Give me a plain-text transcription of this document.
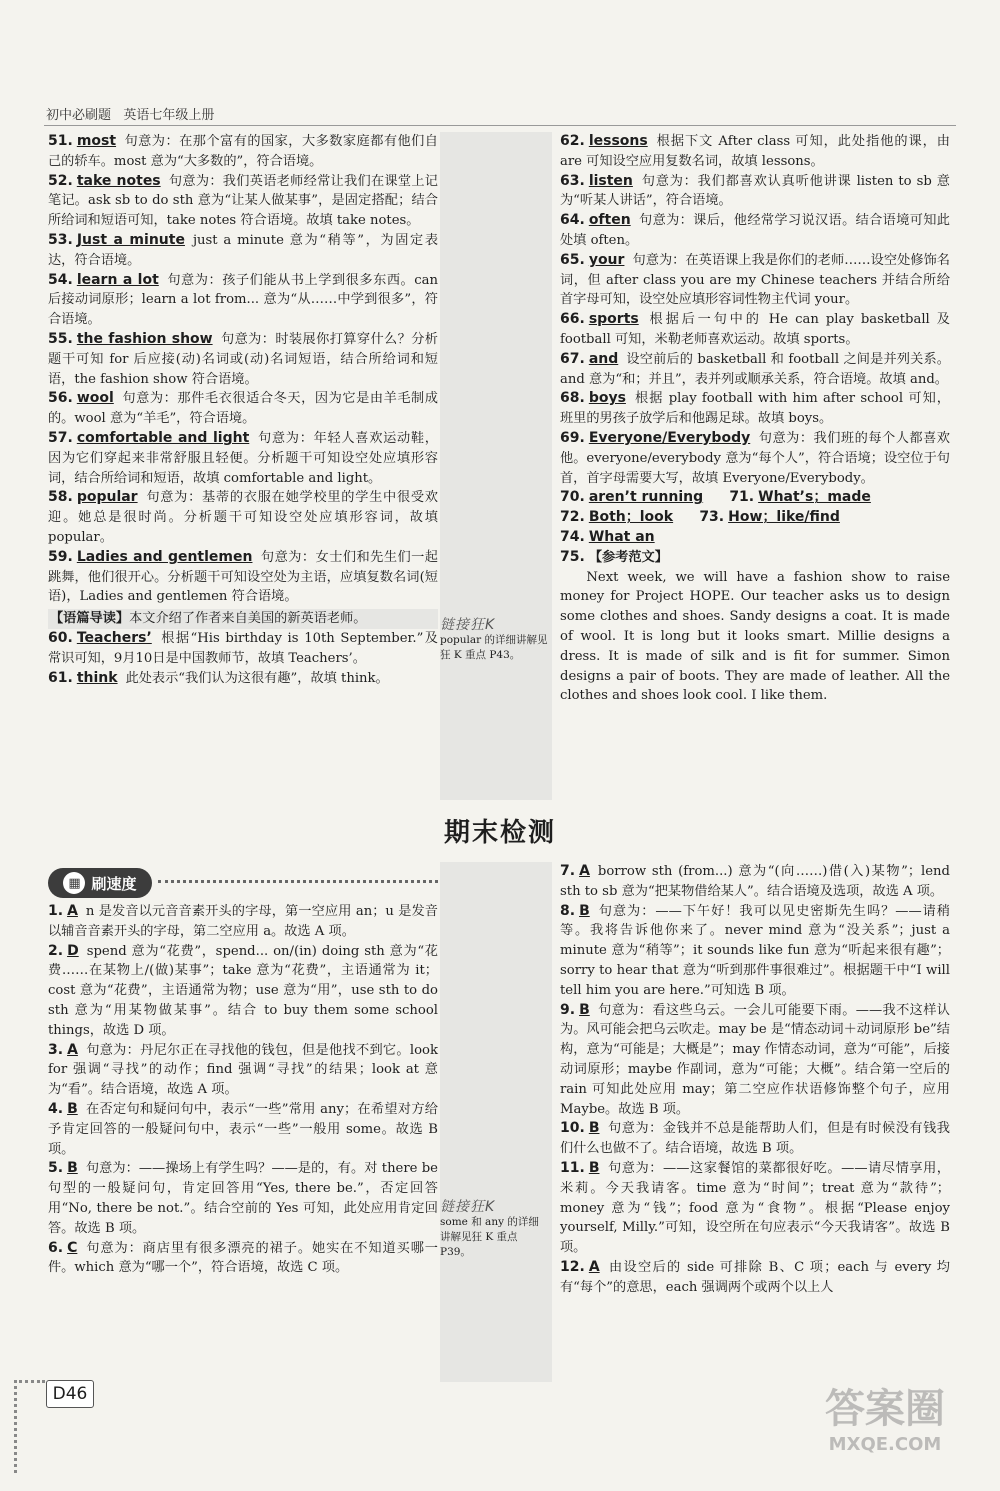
初中必刷题 英语七年级上册
链接狂K
popular 的详细讲解见狂 K 重点 P43。
链接狂K
some 和 any 的详细讲解见狂 K 重点 P39。
51. most 句意为：在那个富有的国家，大多数家庭都有他们自己的轿车。most 意为“大多数的”，符合语境。
52. take notes 句意为：我们英语老师经常让我们在课堂上记笔记。ask sb to do sth 意为“让某人做某事”，是固定搭配；结合所给词和短语可知，take notes 符合语境。故填 take notes。
53. Just a minute just a minute 意为“稍等”，为固定表达，符合语境。
54. learn a lot 句意为：孩子们能从书上学到很多东西。can 后接动词原形；learn a lot from... 意为“从……中学到很多”，符合语境。
55. the fashion show 句意为：时装展你打算穿什么？分析题干可知 for 后应接(动)名词或(动)名词短语，结合所给词和短语，the fashion show 符合语境。
56. wool 句意为：那件毛衣很适合冬天，因为它是由羊毛制成的。wool 意为“羊毛”，符合语境。
57. comfortable and light 句意为：年轻人喜欢运动鞋，因为它们穿起来非常舒服且轻便。分析题干可知设空处应填形容词，结合所给词和短语，故填 comfortable and light。
58. popular 句意为：基蒂的衣服在她学校里的学生中很受欢迎。她总是很时尚。分析题干可知设空处应填形容词，故填 popular。
59. Ladies and gentlemen 句意为：女士们和先生们一起跳舞，他们很开心。分析题干可知设空处为主语，应填复数名词(短语)，Ladies and gentlemen 符合语境。
【语篇导读】本文介绍了作者来自美国的新英语老师。
60. Teachers’ 根据“His birthday is 10th September.”及常识可知，9月10日是中国教师节，故填 Teachers’。
61. think 此处表示“我们认为这很有趣”，故填 think。
62. lessons 根据下文 After class 可知，此处指他的课，由 are 可知设空应用复数名词，故填 lessons。
63. listen 句意为：我们都喜欢认真听他讲课 listen to sb 意为“听某人讲话”，符合语境。
64. often 句意为：课后，他经常学习说汉语。结合语境可知此处填 often。
65. your 句意为：在英语课上我是你们的老师……设空处修饰名词，但 after class you are my Chinese teachers 并结合所给首字母可知，设空处应填形容词性物主代词 your。
66. sports 根据后一句中的 He can play basketball 及 football 可知，米勒老师喜欢运动。故填 sports。
67. and 设空前后的 basketball 和 football 之间是并列关系。and 意为“和；并且”，表并列或顺承关系，符合语境。故填 and。
68. boys 根据 play football with him after school 可知，班里的男孩子放学后和他踢足球。故填 boys。
69. Everyone/Everybody 句意为：我们班的每个人都喜欢他。everyone/everybody 意为“每个人”，符合语境；设空位于句首，首字母需要大写，故填 Everyone/Everybody。
70. aren’t running 71. What’s；made
72. Both；look 73. How；like/find
74. What an
75. 【参考范文】
Next week, we will have a fashion show to raise money for Project HOPE. Our teacher asks us to design some clothes and shoes. Sandy designs a coat. It is made of wool. It is long but it looks smart. Millie designs a dress. It is made of silk and is fit for summer. Simon designs a pair of boots. They are made of leather. All the clothes and shoes look cool. I like them.
期末检测
▦ 刷速度
1. A n 是发音以元音音素开头的字母，第一空应用 an；u 是发音以辅音音素开头的字母，第二空应用 a。故选 A 项。
2. D spend 意为“花费”，spend... on/(in) doing sth 意为“花费……在某物上/(做)某事”；take 意为“花费”，主语通常为 it；cost 意为“花费”，主语通常为物；use 意为“用”，use sth to do sth 意为“用某物做某事”。结合 to buy them some school things，故选 D 项。
3. A 句意为：丹尼尔正在寻找他的钱包，但是他找不到它。look for 强调“寻找”的动作；find 强调“寻找”的结果；look at 意为“看”。结合语境，故选 A 项。
4. B 在否定句和疑问句中，表示“一些”常用 any；在希望对方给予肯定回答的一般疑问句中，表示“一些”一般用 some。故选 B 项。
5. B 句意为：——操场上有学生吗？——是的，有。对 there be 句型的一般疑问句，肯定回答用“Yes, there be.”，否定回答用“No, there be not.”。结合空前的 Yes 可知，此处应用肯定回答。故选 B 项。
6. C 句意为：商店里有很多漂亮的裙子。她实在不知道买哪一件。which 意为“哪一个”，符合语境，故选 C 项。
7. A borrow sth (from...) 意为“(向……)借(入)某物”；lend sth to sb 意为“把某物借给某人”。结合语境及选项，故选 A 项。
8. B 句意为：——下午好！我可以见史密斯先生吗？——请稍等。我将告诉他你来了。never mind 意为“没关系”；just a minute 意为“稍等”；it sounds like fun 意为“听起来很有趣”；sorry to hear that 意为“听到那件事很难过”。根据题干中“I will tell him you are here.”可知选 B 项。
9. B 句意为：看这些乌云。一会儿可能要下雨。——我不这样认为。风可能会把乌云吹走。may be 是“情态动词＋动词原形 be”结构，意为“可能是；大概是”；may 作情态动词，意为“可能”，后接动词原形；maybe 作副词，意为“可能；大概”。结合第一空后的 rain 可知此处应用 may；第二空应作状语修饰整个句子，应用 Maybe。故选 B 项。
10. B 句意为：金钱并不总是能帮助人们，但是有时候没有钱我们什么也做不了。结合语境，故选 B 项。
11. B 句意为：——这家餐馆的菜都很好吃。——请尽情享用，米莉。今天我请客。time 意为“时间”；treat 意为“款待”；money 意为“钱”；food 意为“食物”。根据“Please enjoy yourself, Milly.”可知，设空所在句应表示“今天我请客”。故选 B 项。
12. A 由设空后的 side 可排除 B、C 项；each 与 every 均有“每个”的意思，each 强调两个或两个以上人
D46	答案圈
MXQE.COM
